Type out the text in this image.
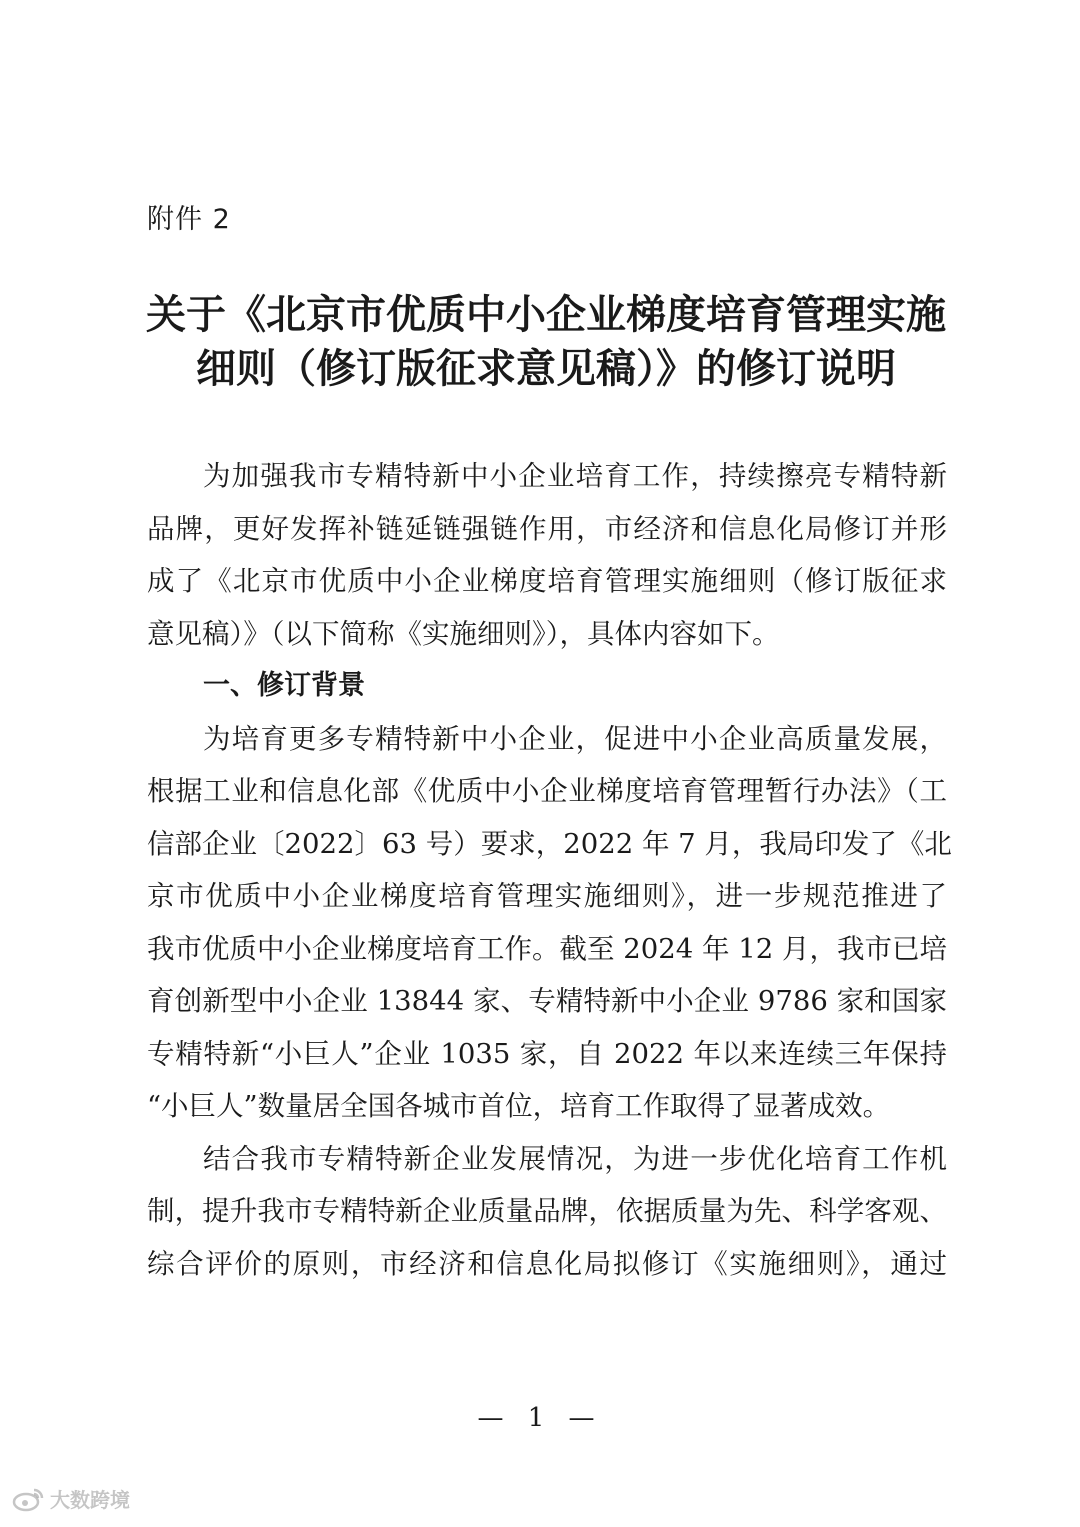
附件 2
关于《北京市优质中小企业梯度培育管理实施
细则（修订版征求意见稿）》的修订说明
为加强我市专精特新中小企业培育工作，持续擦亮专精特新
品牌，更好发挥补链延链强链作用，市经济和信息化局修订并形
成了《北京市优质中小企业梯度培育管理实施细则（修订版征求
意见稿）》（以下简称《实施细则》），具体内容如下。
一、修订背景
为培育更多专精特新中小企业，促进中小企业高质量发展，
根据工业和信息化部《优质中小企业梯度培育管理暂行办法》（工
信部企业〔2022〕63 号）要求，2022 年 7 月，我局印发了《北
京市优质中小企业梯度培育管理实施细则》，进一步规范推进了
我市优质中小企业梯度培育工作。截至 2024 年 12 月，我市已培
育创新型中小企业 13844 家、专精特新中小企业 9786 家和国家
专精特新“小巨人”企业 1035 家，自 2022 年以来连续三年保持
“小巨人”数量居全国各城市首位，培育工作取得了显著成效。
结合我市专精特新企业发展情况，为进一步优化培育工作机
制，提升我市专精特新企业质量品牌，依据质量为先、科学客观、
综合评价的原则，市经济和信息化局拟修订《实施细则》，通过
— 1 —
大数跨境
